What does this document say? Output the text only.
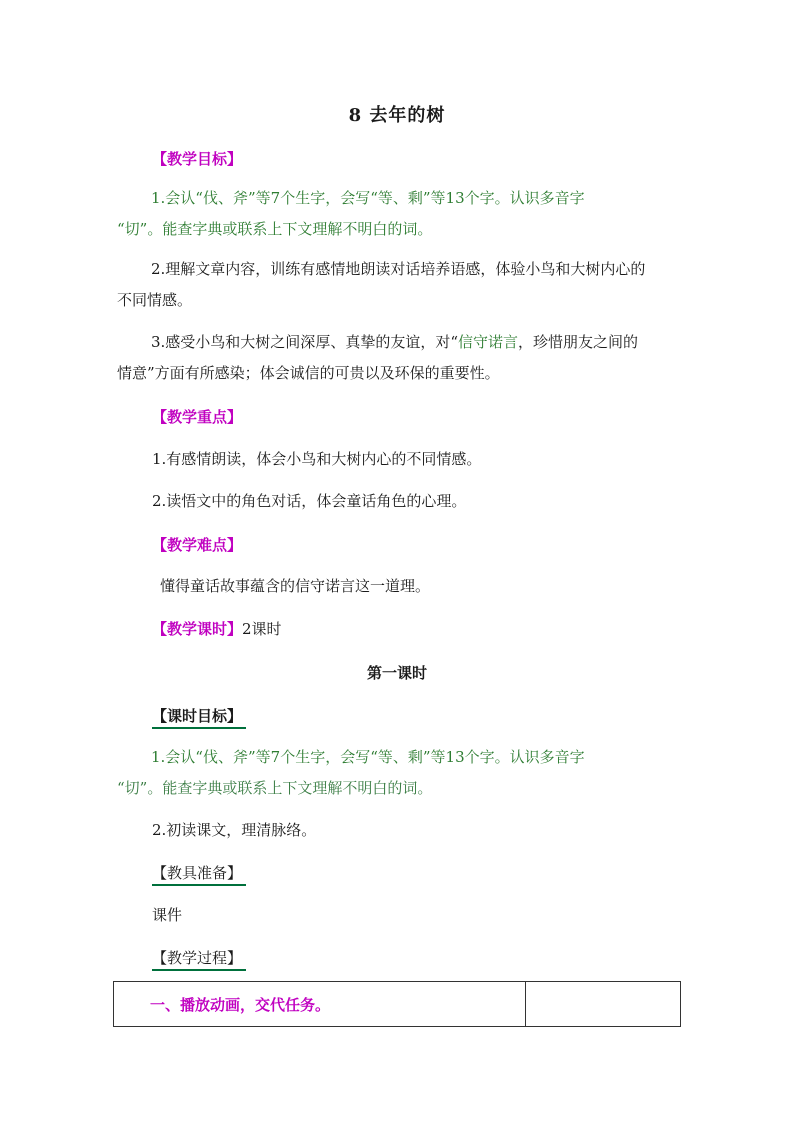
8 去年的树
【教学目标】
1.会认“伐、斧”等7个生字，会写“等、剩”等13个字。认识多音字
“切”。能查字典或联系上下文理解不明白的词。
2.理解文章内容，训练有感情地朗读对话培养语感，体验小鸟和大树内心的
不同情感。
3.感受小鸟和大树之间深厚、真挚的友谊，对“信守诺言，珍惜朋友之间的
情意”方面有所感染；体会诚信的可贵以及环保的重要性。
【教学重点】
1.有感情朗读，体会小鸟和大树内心的不同情感。
2.读悟文中的角色对话，体会童话角色的心理。
【教学难点】
懂得童话故事蕴含的信守诺言这一道理。
【教学课时】2课时
第一课时
【课时目标】
1.会认“伐、斧”等7个生字，会写“等、剩”等13个字。认识多音字
“切”。能查字典或联系上下文理解不明白的词。
2.初读课文，理清脉络。
【教具准备】
课件
【教学过程】
一、播放动画，交代任务。	
